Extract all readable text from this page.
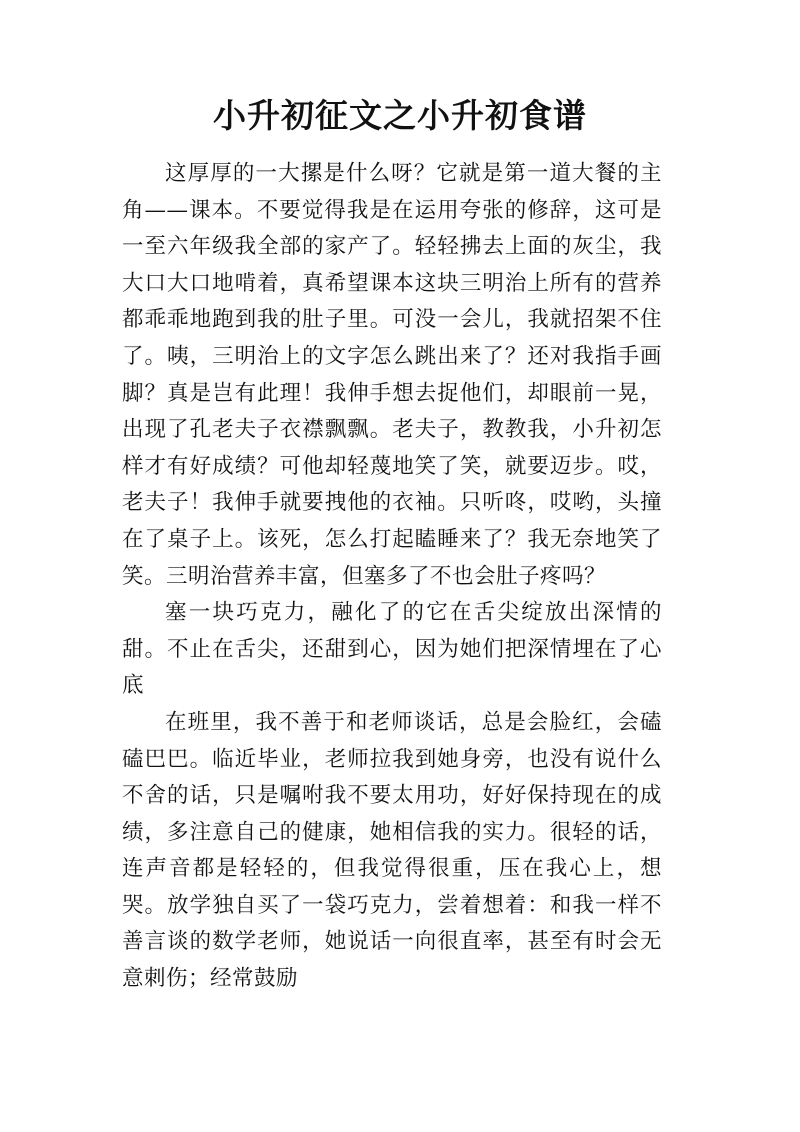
小升初征文之小升初食谱

这厚厚的一大摞是什么呀？它就是第一道大餐的主角——课本。不要觉得我是在运用夸张的修辞，这可是一至六年级我全部的家产了。轻轻拂去上面的灰尘，我大口大口地啃着，真希望课本这块三明治上所有的营养都乖乖地跑到我的肚子里。可没一会儿，我就招架不住了。咦，三明治上的文字怎么跳出来了？还对我指手画脚？真是岂有此理！我伸手想去捉他们，却眼前一晃，出现了孔老夫子衣襟飘飘。老夫子，教教我，小升初怎样才有好成绩？可他却轻蔑地笑了笑，就要迈步。哎，老夫子！我伸手就要拽他的衣袖。只听咚，哎哟，头撞在了桌子上。该死，怎么打起瞌睡来了？我无奈地笑了笑。三明治营养丰富，但塞多了不也会肚子疼吗？

塞一块巧克力，融化了的它在舌尖绽放出深情的甜。不止在舌尖，还甜到心，因为她们把深情埋在了心底

在班里，我不善于和老师谈话，总是会脸红，会磕磕巴巴。临近毕业，老师拉我到她身旁，也没有说什么不舍的话，只是嘱咐我不要太用功，好好保持现在的成绩，多注意自己的健康，她相信我的实力。很轻的话，连声音都是轻轻的，但我觉得很重，压在我心上，想哭。放学独自买了一袋巧克力，尝着想着：和我一样不善言谈的数学老师，她说话一向很直率，甚至有时会无意刺伤；经常鼓励
